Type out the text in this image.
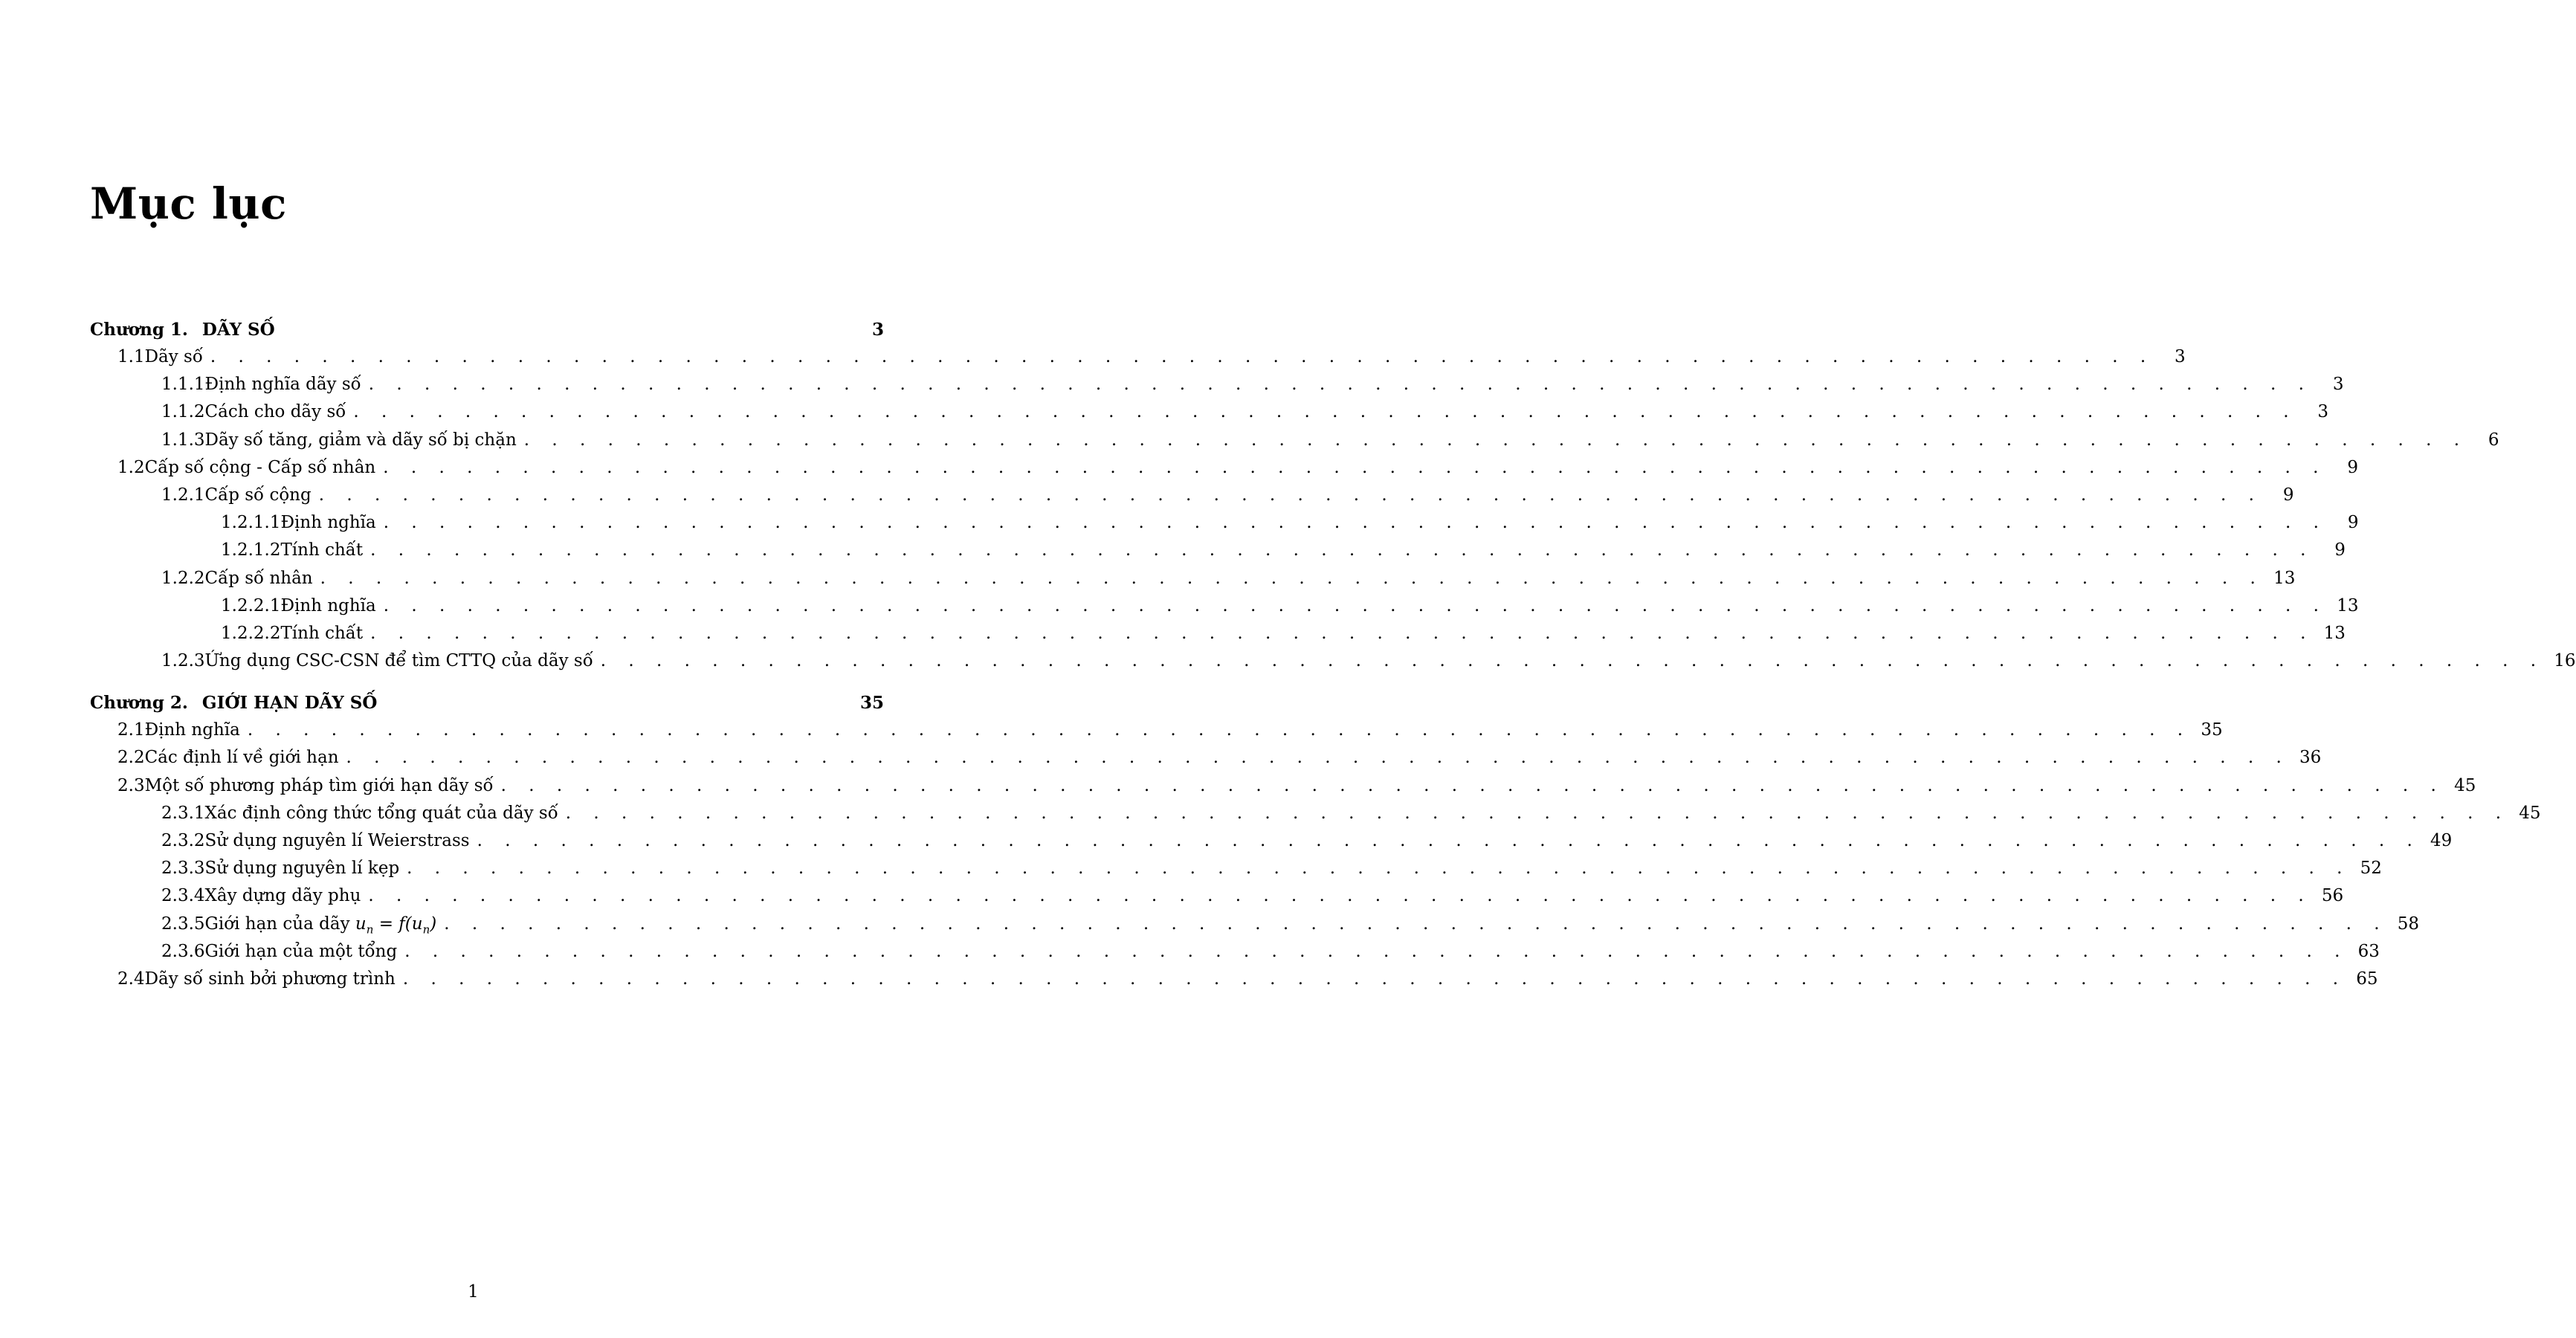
Mục lục
Chương 1. DÃY SỐ	3
1.1 Dãy số . . . . . . . . . . . . . . . . . . . . . . . . . . . . . . . . . . . . . . . . . . . . . . . . . . . . . . . . . . . . . . . . . . . . . .	3
1.1.1 Định nghĩa dãy số . . . . . . . . . . . . . . . . . . . . . . . . . . . . . . . . . . . . . . . . . . . . . . . . . . . . . . . . . . . . . . . . . . . . . .	3
1.1.2 Cách cho dãy số . . . . . . . . . . . . . . . . . . . . . . . . . . . . . . . . . . . . . . . . . . . . . . . . . . . . . . . . . . . . . . . . . . . . . .	3
1.1.3 Dãy số tăng, giảm và dãy số bị chặn . . . . . . . . . . . . . . . . . . . . . . . . . . . . . . . . . . . . . . . . . . . . . . . . . . . . . . . . . . . . . . . . . . . . . .	6
1.2 Cấp số cộng - Cấp số nhân . . . . . . . . . . . . . . . . . . . . . . . . . . . . . . . . . . . . . . . . . . . . . . . . . . . . . . . . . . . . . . . . . . . . . .	9
1.2.1 Cấp số cộng . . . . . . . . . . . . . . . . . . . . . . . . . . . . . . . . . . . . . . . . . . . . . . . . . . . . . . . . . . . . . . . . . . . . . .	9
1.2.1.1 Định nghĩa . . . . . . . . . . . . . . . . . . . . . . . . . . . . . . . . . . . . . . . . . . . . . . . . . . . . . . . . . . . . . . . . . . . . . .	9
1.2.1.2 Tính chất . . . . . . . . . . . . . . . . . . . . . . . . . . . . . . . . . . . . . . . . . . . . . . . . . . . . . . . . . . . . . . . . . . . . . .	9
1.2.2 Cấp số nhân . . . . . . . . . . . . . . . . . . . . . . . . . . . . . . . . . . . . . . . . . . . . . . . . . . . . . . . . . . . . . . . . . . . . . . 13
1.2.2.1 Định nghĩa . . . . . . . . . . . . . . . . . . . . . . . . . . . . . . . . . . . . . . . . . . . . . . . . . . . . . . . . . . . . . . . . . . . . . . 13
1.2.2.2 Tính chất . . . . . . . . . . . . . . . . . . . . . . . . . . . . . . . . . . . . . . . . . . . . . . . . . . . . . . . . . . . . . . . . . . . . . . 13
1.2.3 Ứng dụng CSC-CSN để tìm CTTQ của dãy số . . . . . . . . . . . . . . . . . . . . . . . . . . . . . . . . . . . . . . . . . . . . . . . . . . . . . . . . . . . . . . . . . . . . . . 16
Chương 2. GIỚI HẠN DÃY SỐ	35
2.1 Định nghĩa . . . . . . . . . . . . . . . . . . . . . . . . . . . . . . . . . . . . . . . . . . . . . . . . . . . . . . . . . . . . . . . . . . . . . . 35
2.2 Các định lí về giới hạn . . . . . . . . . . . . . . . . . . . . . . . . . . . . . . . . . . . . . . . . . . . . . . . . . . . . . . . . . . . . . . . . . . . . . . 36
2.3 Một số phương pháp tìm giới hạn dãy số . . . . . . . . . . . . . . . . . . . . . . . . . . . . . . . . . . . . . . . . . . . . . . . . . . . . . . . . . . . . . . . . . . . . . . 45
2.3.1 Xác định công thức tổng quát của dãy số . . . . . . . . . . . . . . . . . . . . . . . . . . . . . . . . . . . . . . . . . . . . . . . . . . . . . . . . . . . . . . . . . . . . . . 45
2.3.2 Sử dụng nguyên lí Weierstrass . . . . . . . . . . . . . . . . . . . . . . . . . . . . . . . . . . . . . . . . . . . . . . . . . . . . . . . . . . . . . . . . . . . . . . 49
2.3.3 Sử dụng nguyên lí kẹp . . . . . . . . . . . . . . . . . . . . . . . . . . . . . . . . . . . . . . . . . . . . . . . . . . . . . . . . . . . . . . . . . . . . . . 52
2.3.4 Xây dựng dãy phụ . . . . . . . . . . . . . . . . . . . . . . . . . . . . . . . . . . . . . . . . . . . . . . . . . . . . . . . . . . . . . . . . . . . . . . 56
2.3.5 Giới hạn của dãy $u_n = f(u_n)$ . . . . . . . . . . . . . . . . . . . . . . . . . . . . . . . . . . . . . . . . . . . . . . . . . . . . . . . . . . . . . . . . . . . . . . 58
2.3.6 Giới hạn của một tổng . . . . . . . . . . . . . . . . . . . . . . . . . . . . . . . . . . . . . . . . . . . . . . . . . . . . . . . . . . . . . . . . . . . . . . 63
2.4 Dãy số sinh bởi phương trình . . . . . . . . . . . . . . . . . . . . . . . . . . . . . . . . . . . . . . . . . . . . . . . . . . . . . . . . . . . . . . . . . . . . . . 65
1
